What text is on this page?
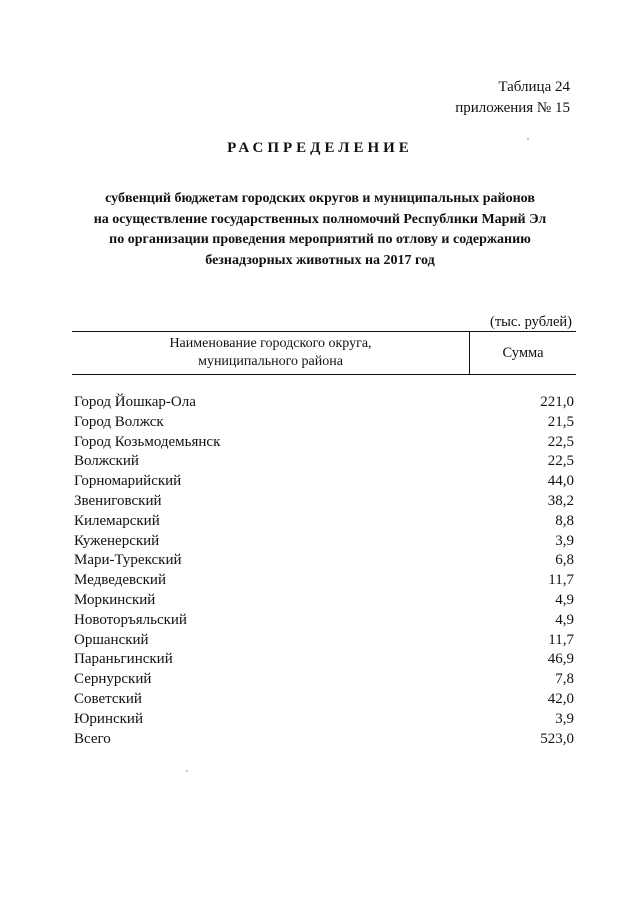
Таблица 24
приложения № 15
РАСПРЕДЕЛЕНИЕ
субвенций бюджетам городских округов и муниципальных районов
на осуществление государственных полномочий Республики Марий Эл
по организации проведения мероприятий по отлову и содержанию
безнадзорных животных на 2017 год
(тыс. рублей)
Наименование городского округа,
муниципального района
Сумма
Город Йошкар-Ола	221,0
Город Волжск	21,5
Город Козьмодемьянск	22,5
Волжский	22,5
Горномарийский	44,0
Звениговский	38,2
Килемарский	8,8
Куженерский	3,9
Мари-Турекский	6,8
Медведевский	11,7
Моркинский	4,9
Новоторъяльский	4,9
Оршанский	11,7
Параньгинский	46,9
Сернурский	7,8
Советский	42,0
Юринский	3,9
Всего	523,0
